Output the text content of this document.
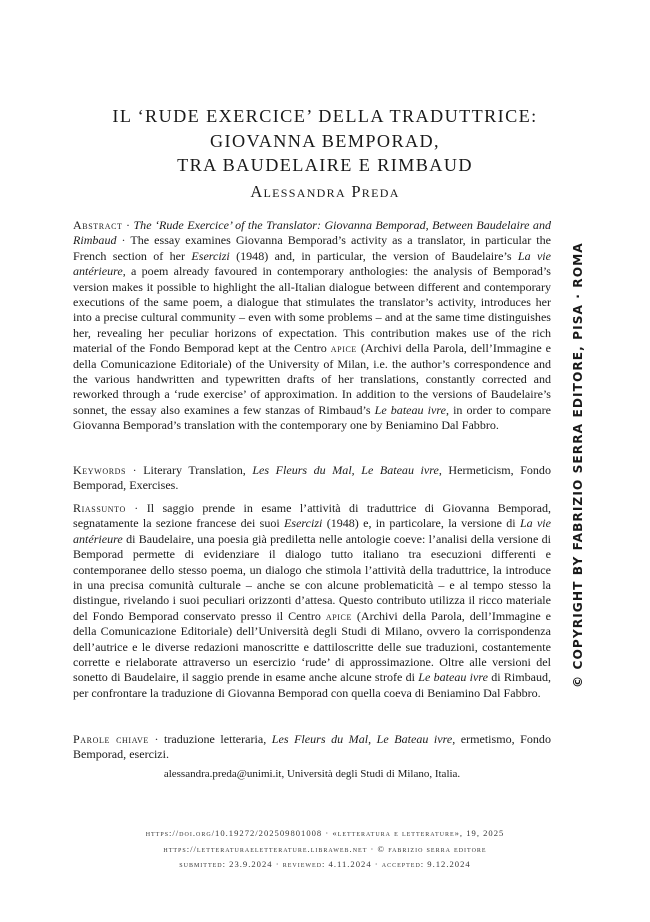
IL ‘RUDE EXERCICE’ DELLA TRADUTTRICE:
GIOVANNA BEMPORAD,
TRA BAUDELAIRE E RIMBAUD
Alessandra Preda

Abstract · The ‘Rude Exercice’ of the Translator: Giovanna Bemporad, Between Baudelaire and Rimbaud · The essay examines Giovanna Bemporad’s activity as a translator, in particular the French section of her Esercizi (1948) and, in particular, the version of Baudelaire’s La vie antérieure, a poem already favoured in contemporary anthologies: the analysis of Bemporad’s version makes it possible to highlight the all-Italian dialogue between different and contemporary executions of the same poem, a dialogue that stimulates the translator’s activity, introduces her into a precise cultural community – even with some problems – and at the same time distinguishes her, revealing her peculiar horizons of expectation. This contribution makes use of the rich material of the Fondo Bemporad kept at the Centro apice (Archivi della Parola, dell’Immagine e della Comunicazione Editoriale) of the University of Milan, i.e. the author’s correspondence and the various handwritten and typewritten drafts of her translations, constantly corrected and reworked through a ‘rude exercise’ of approximation. In addition to the versions of Baudelaire’s sonnet, the essay also examines a few stanzas of Rimbaud’s Le bateau ivre, in order to compare Giovanna Bemporad’s translation with the contemporary one by Beniamino Dal Fabbro.

Keywords · Literary Translation, Les Fleurs du Mal, Le Bateau ivre, Hermeticism, Fondo Bemporad, Exercises.

Riassunto · Il saggio prende in esame l’attività di traduttrice di Giovanna Bemporad, segnatamente la sezione francese dei suoi Esercizi (1948) e, in particolare, la versione di La vie antérieure di Baudelaire, una poesia già prediletta nelle antologie coeve: l’analisi della versione di Bemporad permette di evidenziare il dialogo tutto italiano tra esecuzioni differenti e contemporanee dello stesso poema, un dialogo che stimola l’attività della traduttrice, la introduce in una precisa comunità culturale – anche se con alcune problematicità – e al tempo stesso la distingue, rivelando i suoi peculiari orizzonti d’attesa. Questo contributo utilizza il ricco materiale del Fondo Bemporad conservato presso il Centro apice (Archivi della Parola, dell’Immagine e della Comunicazione Editoriale) dell’Università degli Studi di Milano, ovvero la corrispondenza dell’autrice e le diverse redazioni manoscritte e dattiloscritte delle sue traduzioni, costantemente corrette e rielaborate attraverso un esercizio ‘rude’ di approssimazione. Oltre alle versioni del sonetto di Baudelaire, il saggio prende in esame anche alcune strofe di Le bateau ivre di Rimbaud, per confrontare la traduzione di Giovanna Bemporad con quella coeva di Beniamino Dal Fabbro.

Parole chiave · traduzione letteraria, Les Fleurs du Mal, Le Bateau ivre, ermetismo, Fondo Bemporad, esercizi.

alessandra.preda@unimi.it, Università degli Studi di Milano, Italia.
https://doi.org/10.19272/202509801008 · «letteratura e letterature», 19, 2025
https://letteraturaeletterature.libraweb.net · © fabrizio serra editore
submitted: 23.9.2024 · reviewed: 4.11.2024 · accepted: 9.12.2024
© COPYRIGHT BY FABRIZIO SERRA EDITORE, PISA · ROMA
